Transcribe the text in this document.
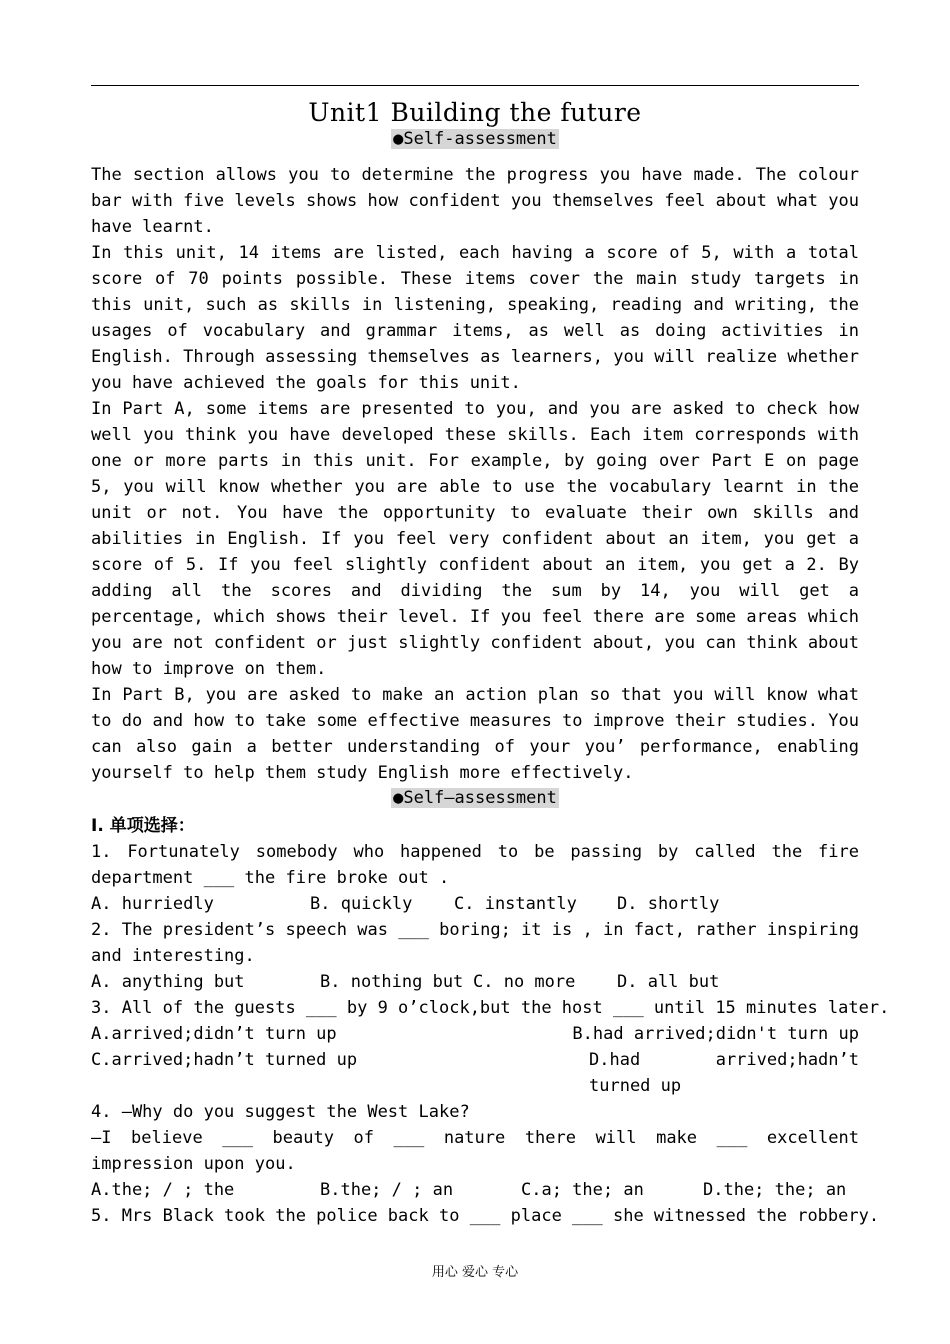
Unit1 Building the future
●Self-assessment

The section allows you to determine the progress you have made. The colour bar with five levels shows how confident you themselves feel about what you have learnt.

In this unit, 14 items are listed, each having a score of 5, with a total score of 70 points possible. These items cover the main study targets in this unit, such as skills in listening, speaking, reading and writing, the usages of vocabulary and grammar items, as well as doing activities in English. Through assessing themselves as learners, you will realize whether you have achieved the goals for this unit.

In Part A, some items are presented to you, and you are asked to check how well you think you have developed these skills. Each item corresponds with one or more parts in this unit. For example, by going over Part E on page 5, you will know whether you are able to use the vocabulary learnt in the unit or not. You have the opportunity to evaluate their own skills and abilities in English. If you feel very confident about an item, you get a score of 5. If you feel slightly confident about an item, you get a 2. By adding all the scores and dividing the sum by 14, you will get a percentage, which shows their level. If you feel there are some areas which you are not confident or just slightly confident about, you can think about how to improve on them.

In Part B, you are asked to make an action plan so that you will know what to do and how to take some effective measures to improve their studies. You can also gain a better understanding of your you’ performance, enabling yourself to help them study English more effectively.

●Self—assessment
I. 单项选择：
1. Fortunately somebody who happened to be passing by called the fire department ___ the fire broke out .
A. hurriedly	B. quickly	C. instantly	D. shortly
2. The president’s speech was ___ boring; it is , in fact, rather inspiring and interesting.
A. anything but	B. nothing but C. no more	D. all but
3. All of the guests ___ by 9 o’clock,but the host ___ until 15 minutes later.
A.arrived;didn’t turn up	B.had arrived;didn't turn up
C.arrived;hadn’t turned up	D.had arrived;hadn’t turned up
4. —Why do you suggest the West Lake?
—I believe ___ beauty of ___ nature there will make ___ excellent impression upon you.
A.the; / ; the	B.the; / ; an	C.a; the; an	D.the; the; an
5. Mrs Black took the police back to ___ place ___ she witnessed the robbery.
用心 爱心 专心
